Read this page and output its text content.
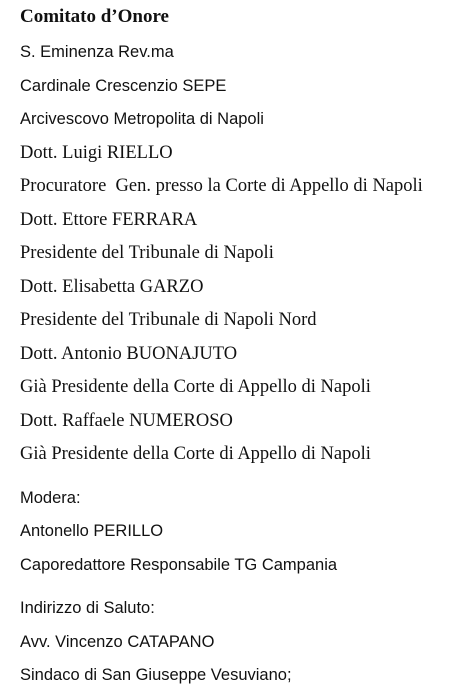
Comitato d’Onore
S. Eminenza Rev.ma
Cardinale Crescenzio SEPE
Arcivescovo Metropolita di Napoli
Dott. Luigi RIELLO
Procuratore  Gen. presso la Corte di Appello di Napoli
Dott. Ettore FERRARA
Presidente del Tribunale di Napoli
Dott. Elisabetta GARZO
Presidente del Tribunale di Napoli Nord
Dott. Antonio BUONAJUTO
Già Presidente della Corte di Appello di Napoli
Dott. Raffaele NUMEROSO
Già Presidente della Corte di Appello di Napoli
Modera:
Antonello PERILLO
Caporedattore Responsabile TG Campania
Indirizzo di Saluto:
Avv. Vincenzo CATAPANO
Sindaco di San Giuseppe Vesuviano;
